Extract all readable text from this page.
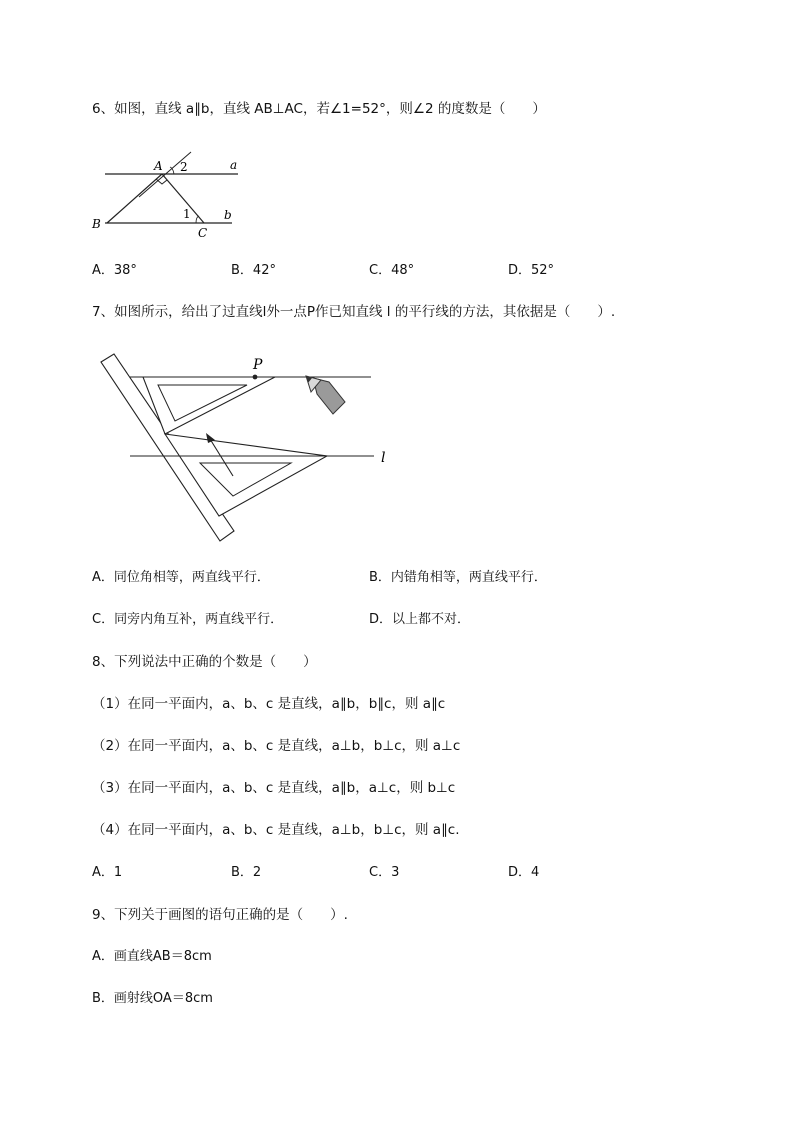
6、如图，直线 a∥b，直线 AB⊥AC，若∠1=52°，则∠2 的度数是（　　）
A 2	a
1	b
B
C
A．38°	B．42°	C．48°	D．52°
7、如图所示，给出了过直线l外一点P作已知直线 l 的平行线的方法，其依据是（　　）.
P
l
A．同位角相等，两直线平行．	B．内错角相等，两直线平行．
C．同旁内角互补，两直线平行．	D．以上都不对．
8、下列说法中正确的个数是（　　）
（1）在同一平面内，a、b、c 是直线，a∥b，b∥c，则 a∥c
（2）在同一平面内，a、b、c 是直线，a⊥b，b⊥c，则 a⊥c
（3）在同一平面内，a、b、c 是直线，a∥b，a⊥c，则 b⊥c
（4）在同一平面内，a、b、c 是直线，a⊥b，b⊥c，则 a∥c.
A．1	B．2	C．3	D．4
9、下列关于画图的语句正确的是（　　）.
A．画直线AB＝8cm
B．画射线OA＝8cm
